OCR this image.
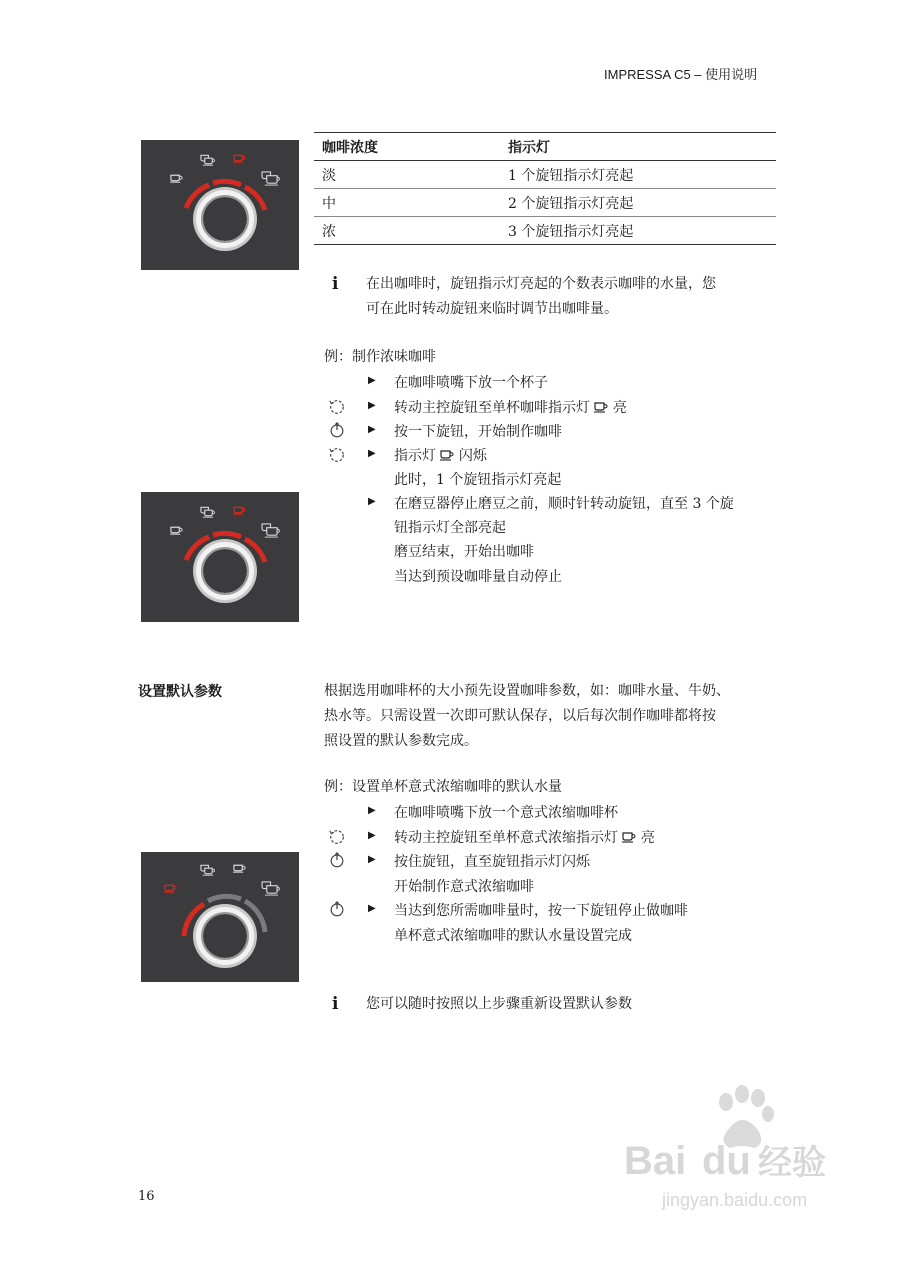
IMPRESSA C5 – 使用说明
咖啡浓度	指示灯
淡	1 个旋钮指示灯亮起
中	2 个旋钮指示灯亮起
浓	3 个旋钮指示灯亮起
i 在出咖啡时，旋钮指示灯亮起的个数表示咖啡的水量，您
可在此时转动旋钮来临时调节出咖啡量。
例：制作浓味咖啡
▶ 在咖啡喷嘴下放一个杯子
▶ 转动主控旋钮至单杯咖啡指示灯 亮
▶ 按一下旋钮，开始制作咖啡
▶ 指示灯 闪烁
此时，1 个旋钮指示灯亮起
▶ 在磨豆器停止磨豆之前，顺时针转动旋钮，直至 3 个旋
钮指示灯全部亮起
磨豆结束，开始出咖啡
当达到预设咖啡量自动停止
设置默认参数	根据选用咖啡杯的大小预先设置咖啡参数，如：咖啡水量、牛奶、
热水等。只需设置一次即可默认保存，以后每次制作咖啡都将按
照设置的默认参数完成。
例：设置单杯意式浓缩咖啡的默认水量
▶ 在咖啡喷嘴下放一个意式浓缩咖啡杯
▶ 转动主控旋钮至单杯意式浓缩指示灯 亮
▶ 按住旋钮，直至旋钮指示灯闪烁
开始制作意式浓缩咖啡
▶ 当达到您所需咖啡量时，按一下旋钮停止做咖啡
单杯意式浓缩咖啡的默认水量设置完成
i 您可以随时按照以上步骤重新设置默认参数
16
Bai du 经验
jingyan.baidu.com
